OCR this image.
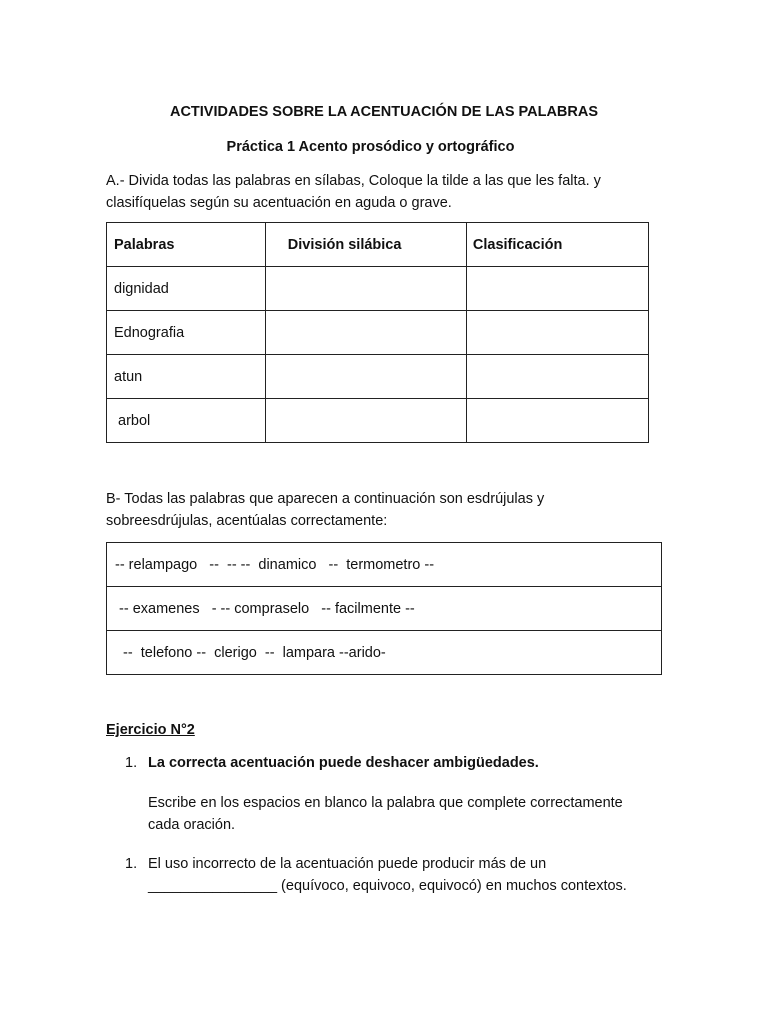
ACTIVIDADES SOBRE LA ACENTUACIÓN DE LAS PALABRAS
Práctica 1 Acento prosódico y ortográfico
A.- Divida todas las palabras en sílabas, Coloque la tilde a las que les falta. y
clasifíquelas según su acentuación en aguda o grave.
Palabras	División silábica	Clasificación
dignidad		
Ednografia		
atun		
arbol		
B- Todas las palabras que aparecen a continuación son esdrújulas y
sobreesdrújulas, acentúalas correctamente:
-- relampago   --  -- --  dinamico   --  termometro --
-- examenes   - -- compraselo   -- facilmente --
--  telefono --  clerigo  --  lampara --arido-
Ejercicio N°2
1. La correcta acentuación puede deshacer ambigüedades.
Escribe en los espacios en blanco la palabra que complete correctamente
cada oración.
1. El uso incorrecto de la acentuación puede producir más de un
________________ (equívoco, equivoco, equivocó) en muchos contextos.
